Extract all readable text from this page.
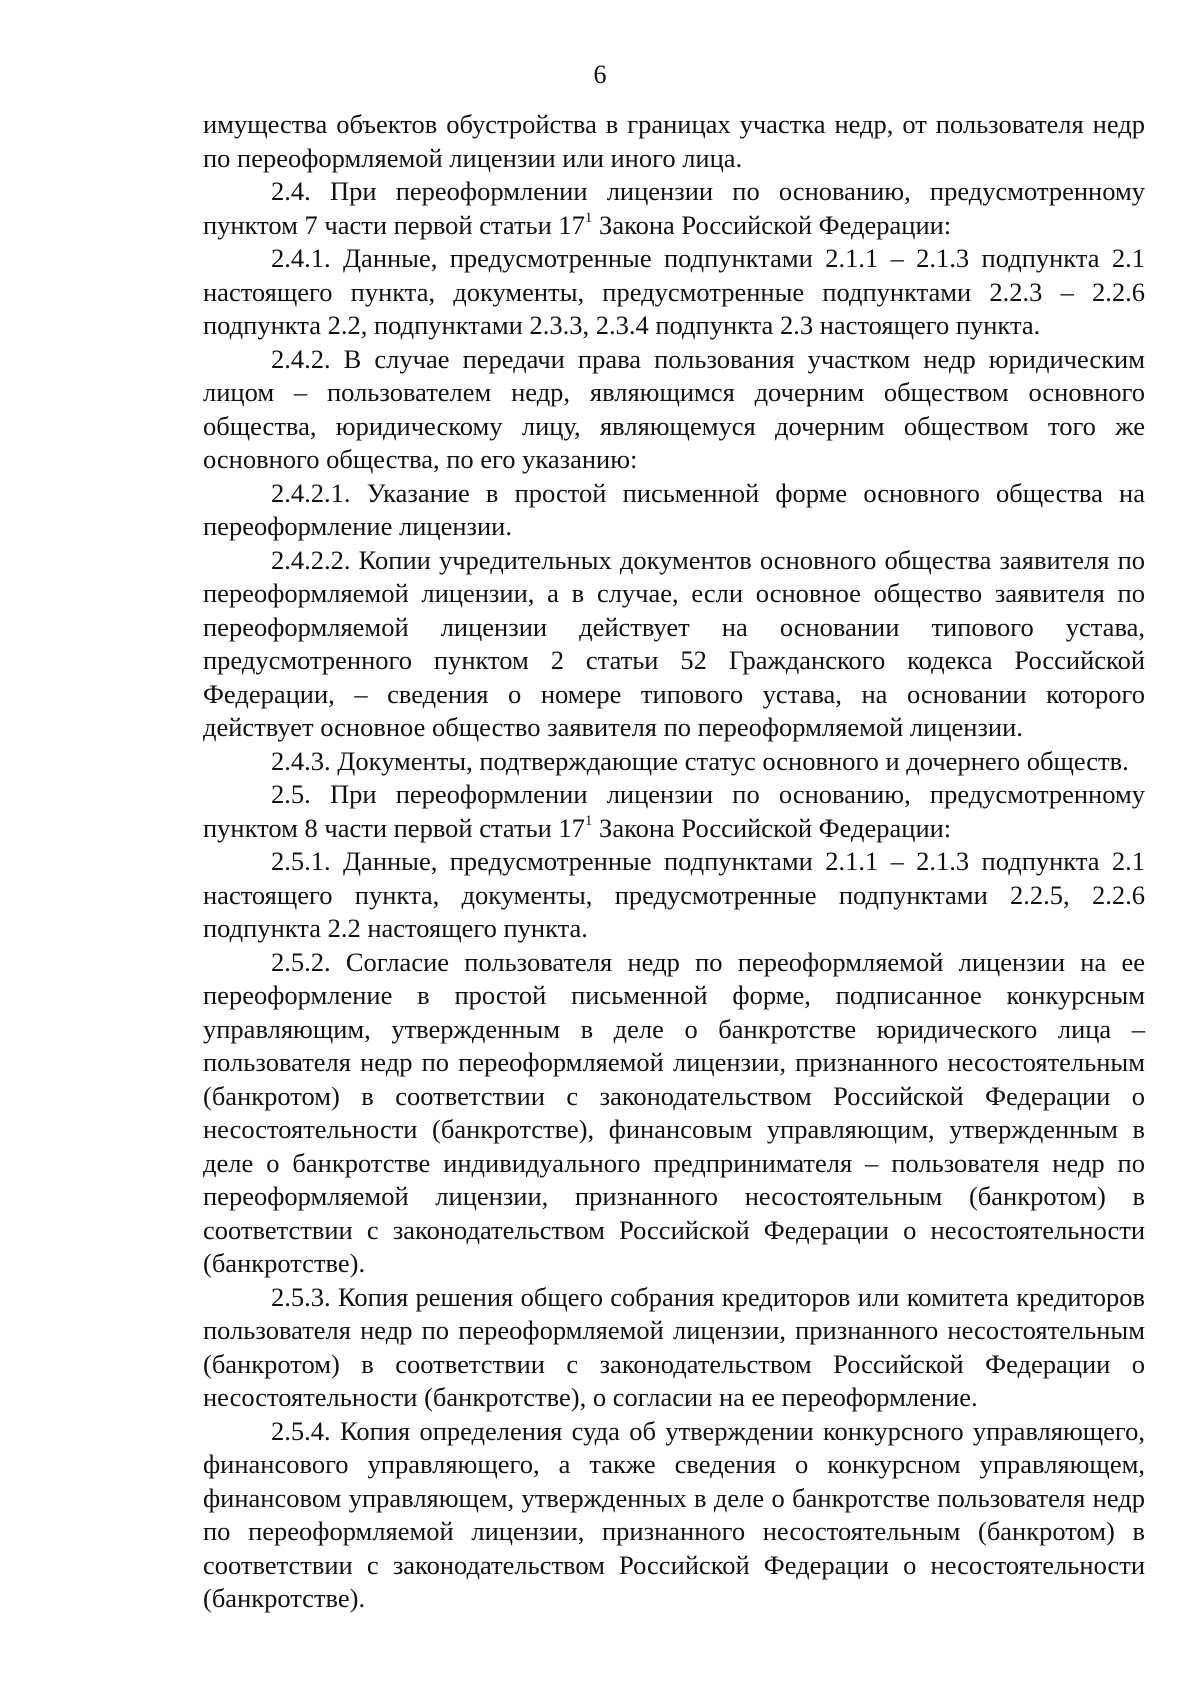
6

имущества объектов обустройства в границах участка недр, от пользователя недр по переоформляемой лицензии или иного лица.

2.4. При переоформлении лицензии по основанию, предусмотренному пунктом 7 части первой статьи $17^1$ Закона Российской Федерации:

2.4.1. Данные, предусмотренные подпунктами 2.1.1 – 2.1.3 подпункта 2.1 настоящего пункта, документы, предусмотренные подпунктами 2.2.3 – 2.2.6 подпункта 2.2, подпунктами 2.3.3, 2.3.4 подпункта 2.3 настоящего пункта.

2.4.2. В случае передачи права пользования участком недр юридическим лицом – пользователем недр, являющимся дочерним обществом основного общества, юридическому лицу, являющемуся дочерним обществом того же основного общества, по его указанию:

2.4.2.1. Указание в простой письменной форме основного общества на переоформление лицензии.

2.4.2.2. Копии учредительных документов основного общества заявителя по переоформляемой лицензии, а в случае, если основное общество заявителя по переоформляемой лицензии действует на основании типового устава, предусмотренного пунктом 2 статьи 52 Гражданского кодекса Российской Федерации, – сведения о номере типового устава, на основании которого действует основное общество заявителя по переоформляемой лицензии.

2.4.3. Документы, подтверждающие статус основного и дочернего обществ.

2.5. При переоформлении лицензии по основанию, предусмотренному пунктом 8 части первой статьи $17^1$ Закона Российской Федерации:

2.5.1. Данные, предусмотренные подпунктами 2.1.1 – 2.1.3 подпункта 2.1 настоящего пункта, документы, предусмотренные подпунктами 2.2.5, 2.2.6 подпункта 2.2 настоящего пункта.

2.5.2. Согласие пользователя недр по переоформляемой лицензии на ее переоформление в простой письменной форме, подписанное конкурсным управляющим, утвержденным в деле о банкротстве юридического лица – пользователя недр по переоформляемой лицензии, признанного несостоятельным (банкротом) в соответствии с законодательством Российской Федерации о несостоятельности (банкротстве), финансовым управляющим, утвержденным в деле о банкротстве индивидуального предпринимателя – пользователя недр по переоформляемой лицензии, признанного несостоятельным (банкротом) в соответствии с законодательством Российской Федерации о несостоятельности (банкротстве).

2.5.3. Копия решения общего собрания кредиторов или комитета кредиторов пользователя недр по переоформляемой лицензии, признанного несостоятельным (банкротом) в соответствии с законодательством Российской Федерации о несостоятельности (банкротстве), о согласии на ее переоформление.

2.5.4. Копия определения суда об утверждении конкурсного управляющего, финансового управляющего, а также сведения о конкурсном управляющем, финансовом управляющем, утвержденных в деле о банкротстве пользователя недр по переоформляемой лицензии, признанного несостоятельным (банкротом) в соответствии с законодательством Российской Федерации о несостоятельности (банкротстве).
